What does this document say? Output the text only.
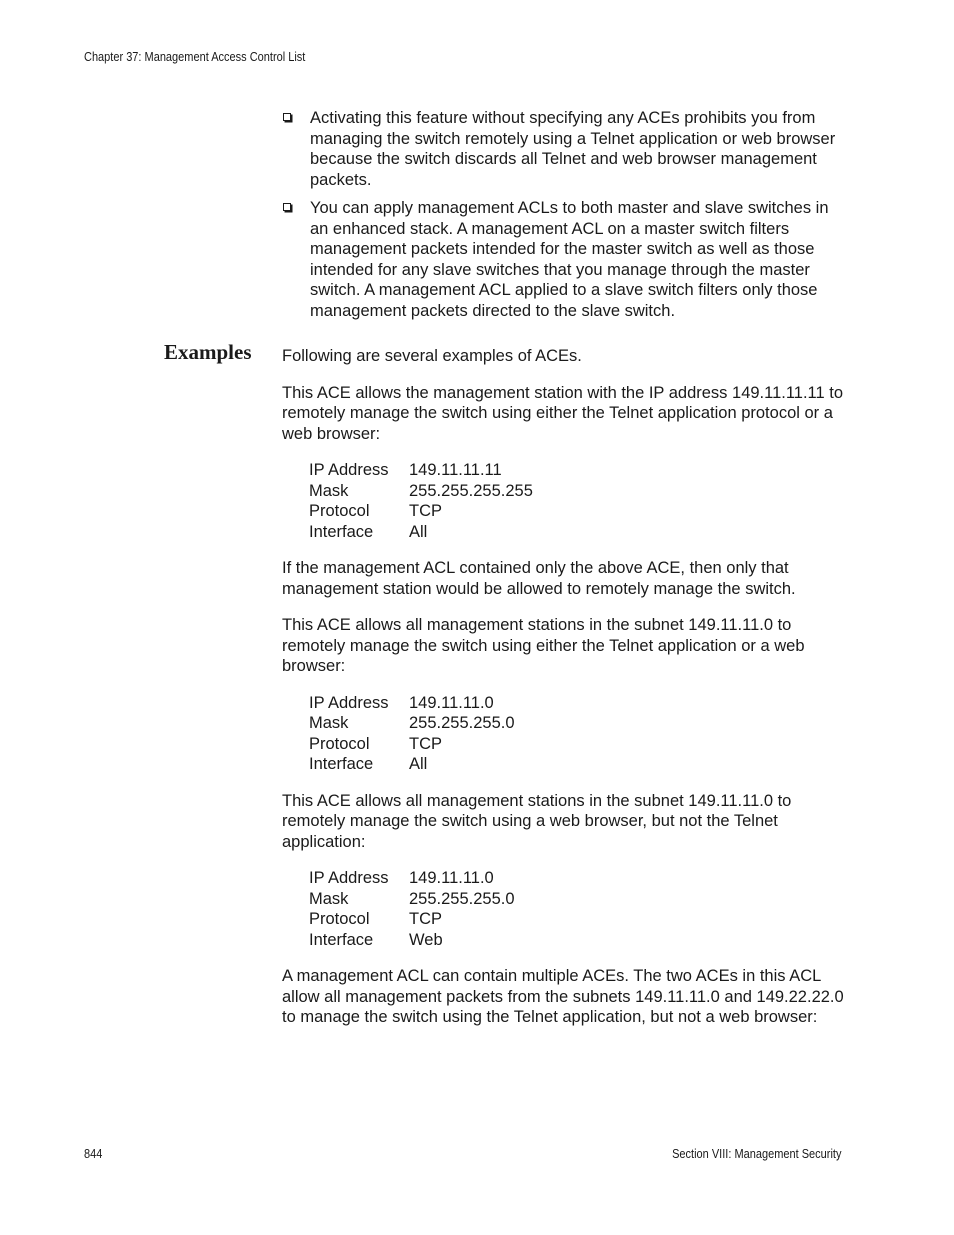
Chapter 37: Management Access Control List
Examples
Activating this feature without specifying any ACEs prohibits you from managing the switch remotely using a Telnet application or web browser because the switch discards all Telnet and web browser management packets.
You can apply management ACLs to both master and slave switches in an enhanced stack. A management ACL on a master switch filters management packets intended for the master switch as well as those intended for any slave switches that you manage through the master switch. A management ACL applied to a slave switch filters only those management packets directed to the slave switch.

Following are several examples of ACEs.

This ACE allows the management station with the IP address 149.11.11.11 to remotely manage the switch using either the Telnet application protocol or a web browser:

IP Address	149.11.11.11
Mask	255.255.255.255
Protocol	TCP
Interface	All

If the management ACL contained only the above ACE, then only that management station would be allowed to remotely manage the switch.

This ACE allows all management stations in the subnet 149.11.11.0 to remotely manage the switch using either the Telnet application or a web browser:

IP Address	149.11.11.0
Mask	255.255.255.0
Protocol	TCP
Interface	All

This ACE allows all management stations in the subnet 149.11.11.0 to remotely manage the switch using a web browser, but not the Telnet application:

IP Address	149.11.11.0
Mask	255.255.255.0
Protocol	TCP
Interface	Web

A management ACL can contain multiple ACEs. The two ACEs in this ACL allow all management packets from the subnets 149.11.11.0 and 149.22.22.0 to manage the switch using the Telnet application, but not a web browser:

844	Section VIII: Management Security
